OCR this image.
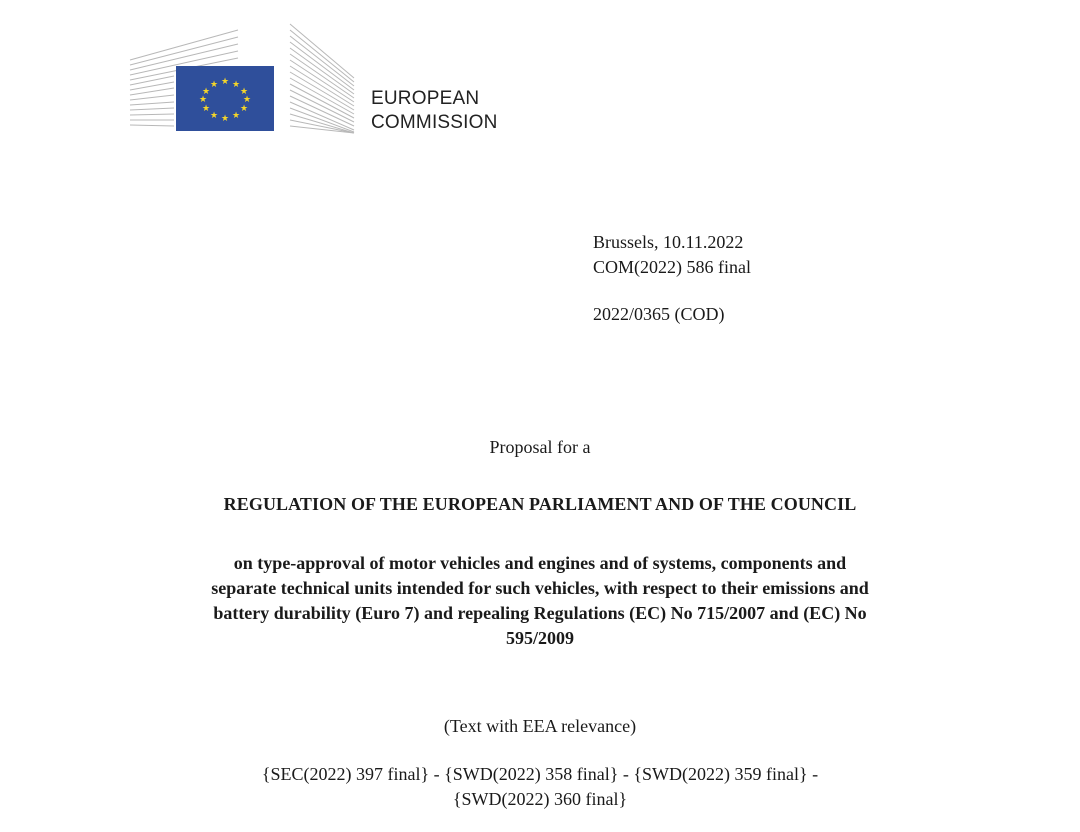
★ ★
★
★
★
★
★
★
★
★
★
★
EUROPEAN
COMMISSION
Brussels, 10.11.2022
COM(2022) 586 final
2022/0365 (COD)
Proposal for a
REGULATION OF THE EUROPEAN PARLIAMENT AND OF THE COUNCIL
on type-approval of motor vehicles and engines and of systems, components and
separate technical units intended for such vehicles, with respect to their emissions and
battery durability (Euro 7) and repealing Regulations (EC) No 715/2007 and (EC) No
595/2009
(Text with EEA relevance)
{SEC(2022) 397 final} - {SWD(2022) 358 final} - {SWD(2022) 359 final} -
{SWD(2022) 360 final}
